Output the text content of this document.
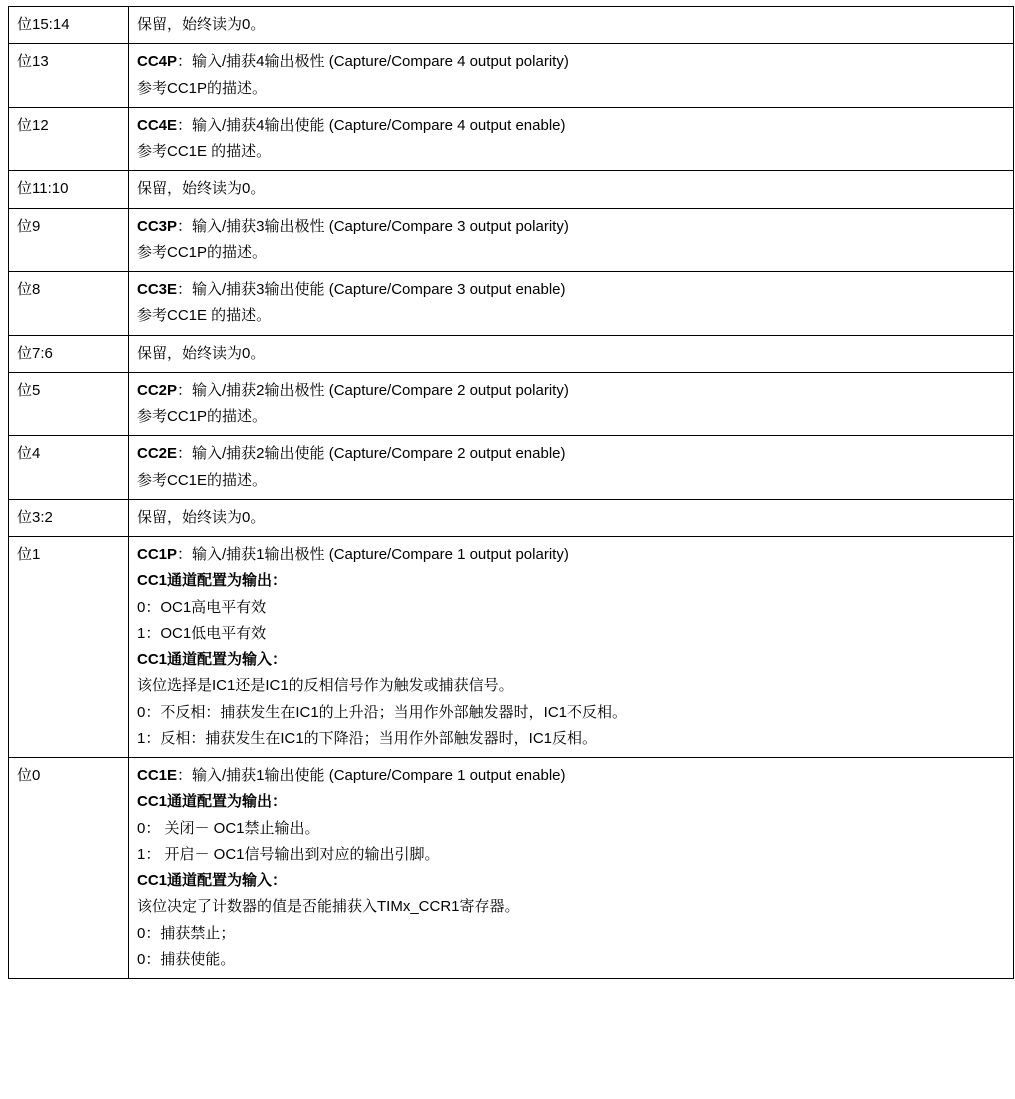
位15:14	保留，始终读为0。

位13	CC4P：输入/捕获4输出极性 (Capture/Compare 4 output polarity)
参考CC1P的描述。

位12	CC4E：输入/捕获4输出使能 (Capture/Compare 4 output enable)
参考CC1E 的描述。

位11:10	保留，始终读为0。

位9	CC3P：输入/捕获3输出极性 (Capture/Compare 3 output polarity)
参考CC1P的描述。

位8	CC3E：输入/捕获3输出使能 (Capture/Compare 3 output enable)
参考CC1E 的描述。

位7:6	保留，始终读为0。

位5	CC2P：输入/捕获2输出极性 (Capture/Compare 2 output polarity)
参考CC1P的描述。

位4	CC2E：输入/捕获2输出使能 (Capture/Compare 2 output enable)
参考CC1E的描述。

位3:2	保留，始终读为0。

位1	CC1P：输入/捕获1输出极性 (Capture/Compare 1 output polarity)
CC1通道配置为输出：
0：OC1高电平有效
1：OC1低电平有效
CC1通道配置为输入：
该位选择是IC1还是IC1的反相信号作为触发或捕获信号。
0：不反相：捕获发生在IC1的上升沿；当用作外部触发器时，IC1不反相。
1：反相：捕获发生在IC1的下降沿；当用作外部触发器时，IC1反相。

位0	CC1E：输入/捕获1输出使能 (Capture/Compare 1 output enable)
CC1通道配置为输出：
0： 关闭－ OC1禁止输出。
1： 开启－ OC1信号输出到对应的输出引脚。
CC1通道配置为输入：
该位决定了计数器的值是否能捕获入TIMx_CCR1寄存器。
0：捕获禁止；
0：捕获使能。
